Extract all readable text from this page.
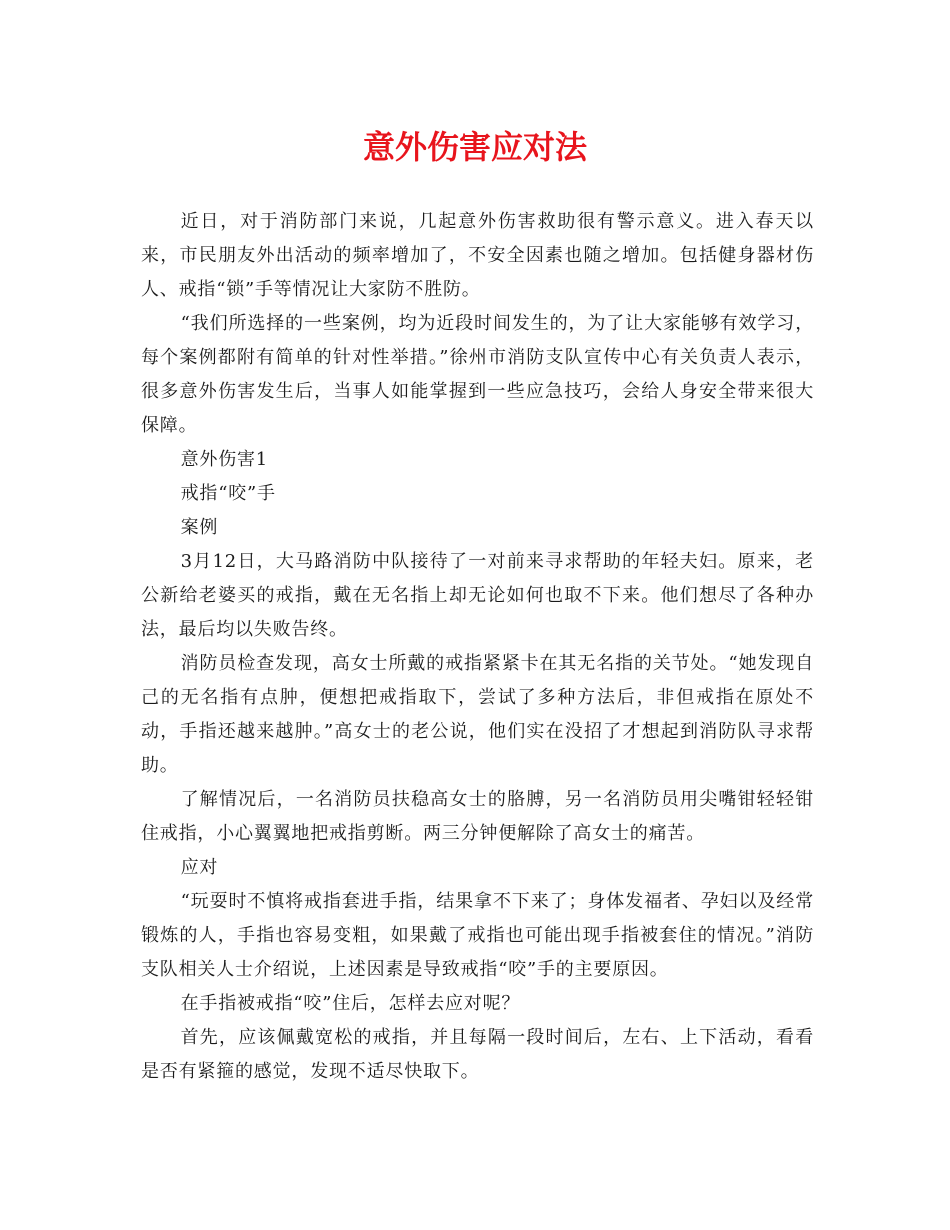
意外伤害应对法

近日，对于消防部门来说，几起意外伤害救助很有警示意义。进入春天以来，市民朋友外出活动的频率增加了，不安全因素也随之增加。包括健身器材伤人、戒指“锁”手等情况让大家防不胜防。

“我们所选择的一些案例，均为近段时间发生的，为了让大家能够有效学习，每个案例都附有简单的针对性举措。”徐州市消防支队宣传中心有关负责人表示，很多意外伤害发生后，当事人如能掌握到一些应急技巧，会给人身安全带来很大保障。

意外伤害1

戒指“咬”手

案例

3月12日，大马路消防中队接待了一对前来寻求帮助的年轻夫妇。原来，老公新给老婆买的戒指，戴在无名指上却无论如何也取不下来。他们想尽了各种办法，最后均以失败告终。

消防员检查发现，高女士所戴的戒指紧紧卡在其无名指的关节处。“她发现自己的无名指有点肿，便想把戒指取下，尝试了多种方法后，非但戒指在原处不动，手指还越来越肿。”高女士的老公说，他们实在没招了才想起到消防队寻求帮助。

了解情况后，一名消防员扶稳高女士的胳膊，另一名消防员用尖嘴钳轻轻钳住戒指，小心翼翼地把戒指剪断。两三分钟便解除了高女士的痛苦。

应对

“玩耍时不慎将戒指套进手指，结果拿不下来了；身体发福者、孕妇以及经常锻炼的人，手指也容易变粗，如果戴了戒指也可能出现手指被套住的情况。”消防支队相关人士介绍说，上述因素是导致戒指“咬”手的主要原因。

在手指被戒指“咬”住后，怎样去应对呢？

首先，应该佩戴宽松的戒指，并且每隔一段时间后，左右、上下活动，看看是否有紧箍的感觉，发现不适尽快取下。
